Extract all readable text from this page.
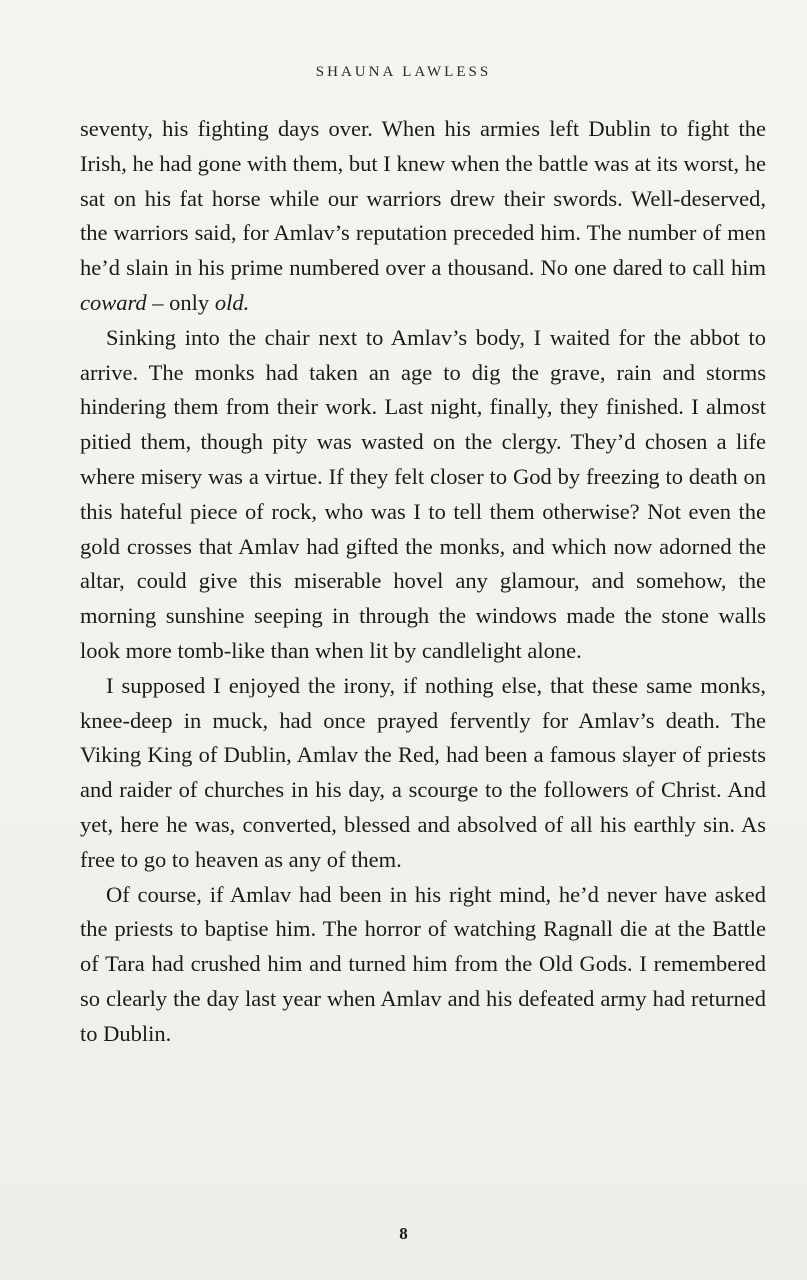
SHAUNA LAWLESS

seventy, his fighting days over. When his armies left Dublin to fight the Irish, he had gone with them, but I knew when the battle was at its worst, he sat on his fat horse while our warriors drew their swords. Well-deserved, the warriors said, for Amlav’s reputation preceded him. The number of men he’d slain in his prime numbered over a thousand. No one dared to call him coward – only old.

Sinking into the chair next to Amlav’s body, I waited for the abbot to arrive. The monks had taken an age to dig the grave, rain and storms hindering them from their work. Last night, finally, they finished. I almost pitied them, though pity was wasted on the clergy. They’d chosen a life where misery was a virtue. If they felt closer to God by freezing to death on this hateful piece of rock, who was I to tell them otherwise? Not even the gold crosses that Amlav had gifted the monks, and which now adorned the altar, could give this miserable hovel any glamour, and somehow, the morning sunshine seeping in through the windows made the stone walls look more tomb-like than when lit by candlelight alone.

I supposed I enjoyed the irony, if nothing else, that these same monks, knee-deep in muck, had once prayed fervently for Amlav’s death. The Viking King of Dublin, Amlav the Red, had been a famous slayer of priests and raider of churches in his day, a scourge to the followers of Christ. And yet, here he was, converted, blessed and absolved of all his earthly sin. As free to go to heaven as any of them.

Of course, if Amlav had been in his right mind, he’d never have asked the priests to baptise him. The horror of watching Ragnall die at the Battle of Tara had crushed him and turned him from the Old Gods. I remembered so clearly the day last year when Amlav and his defeated army had returned to Dublin.

8
